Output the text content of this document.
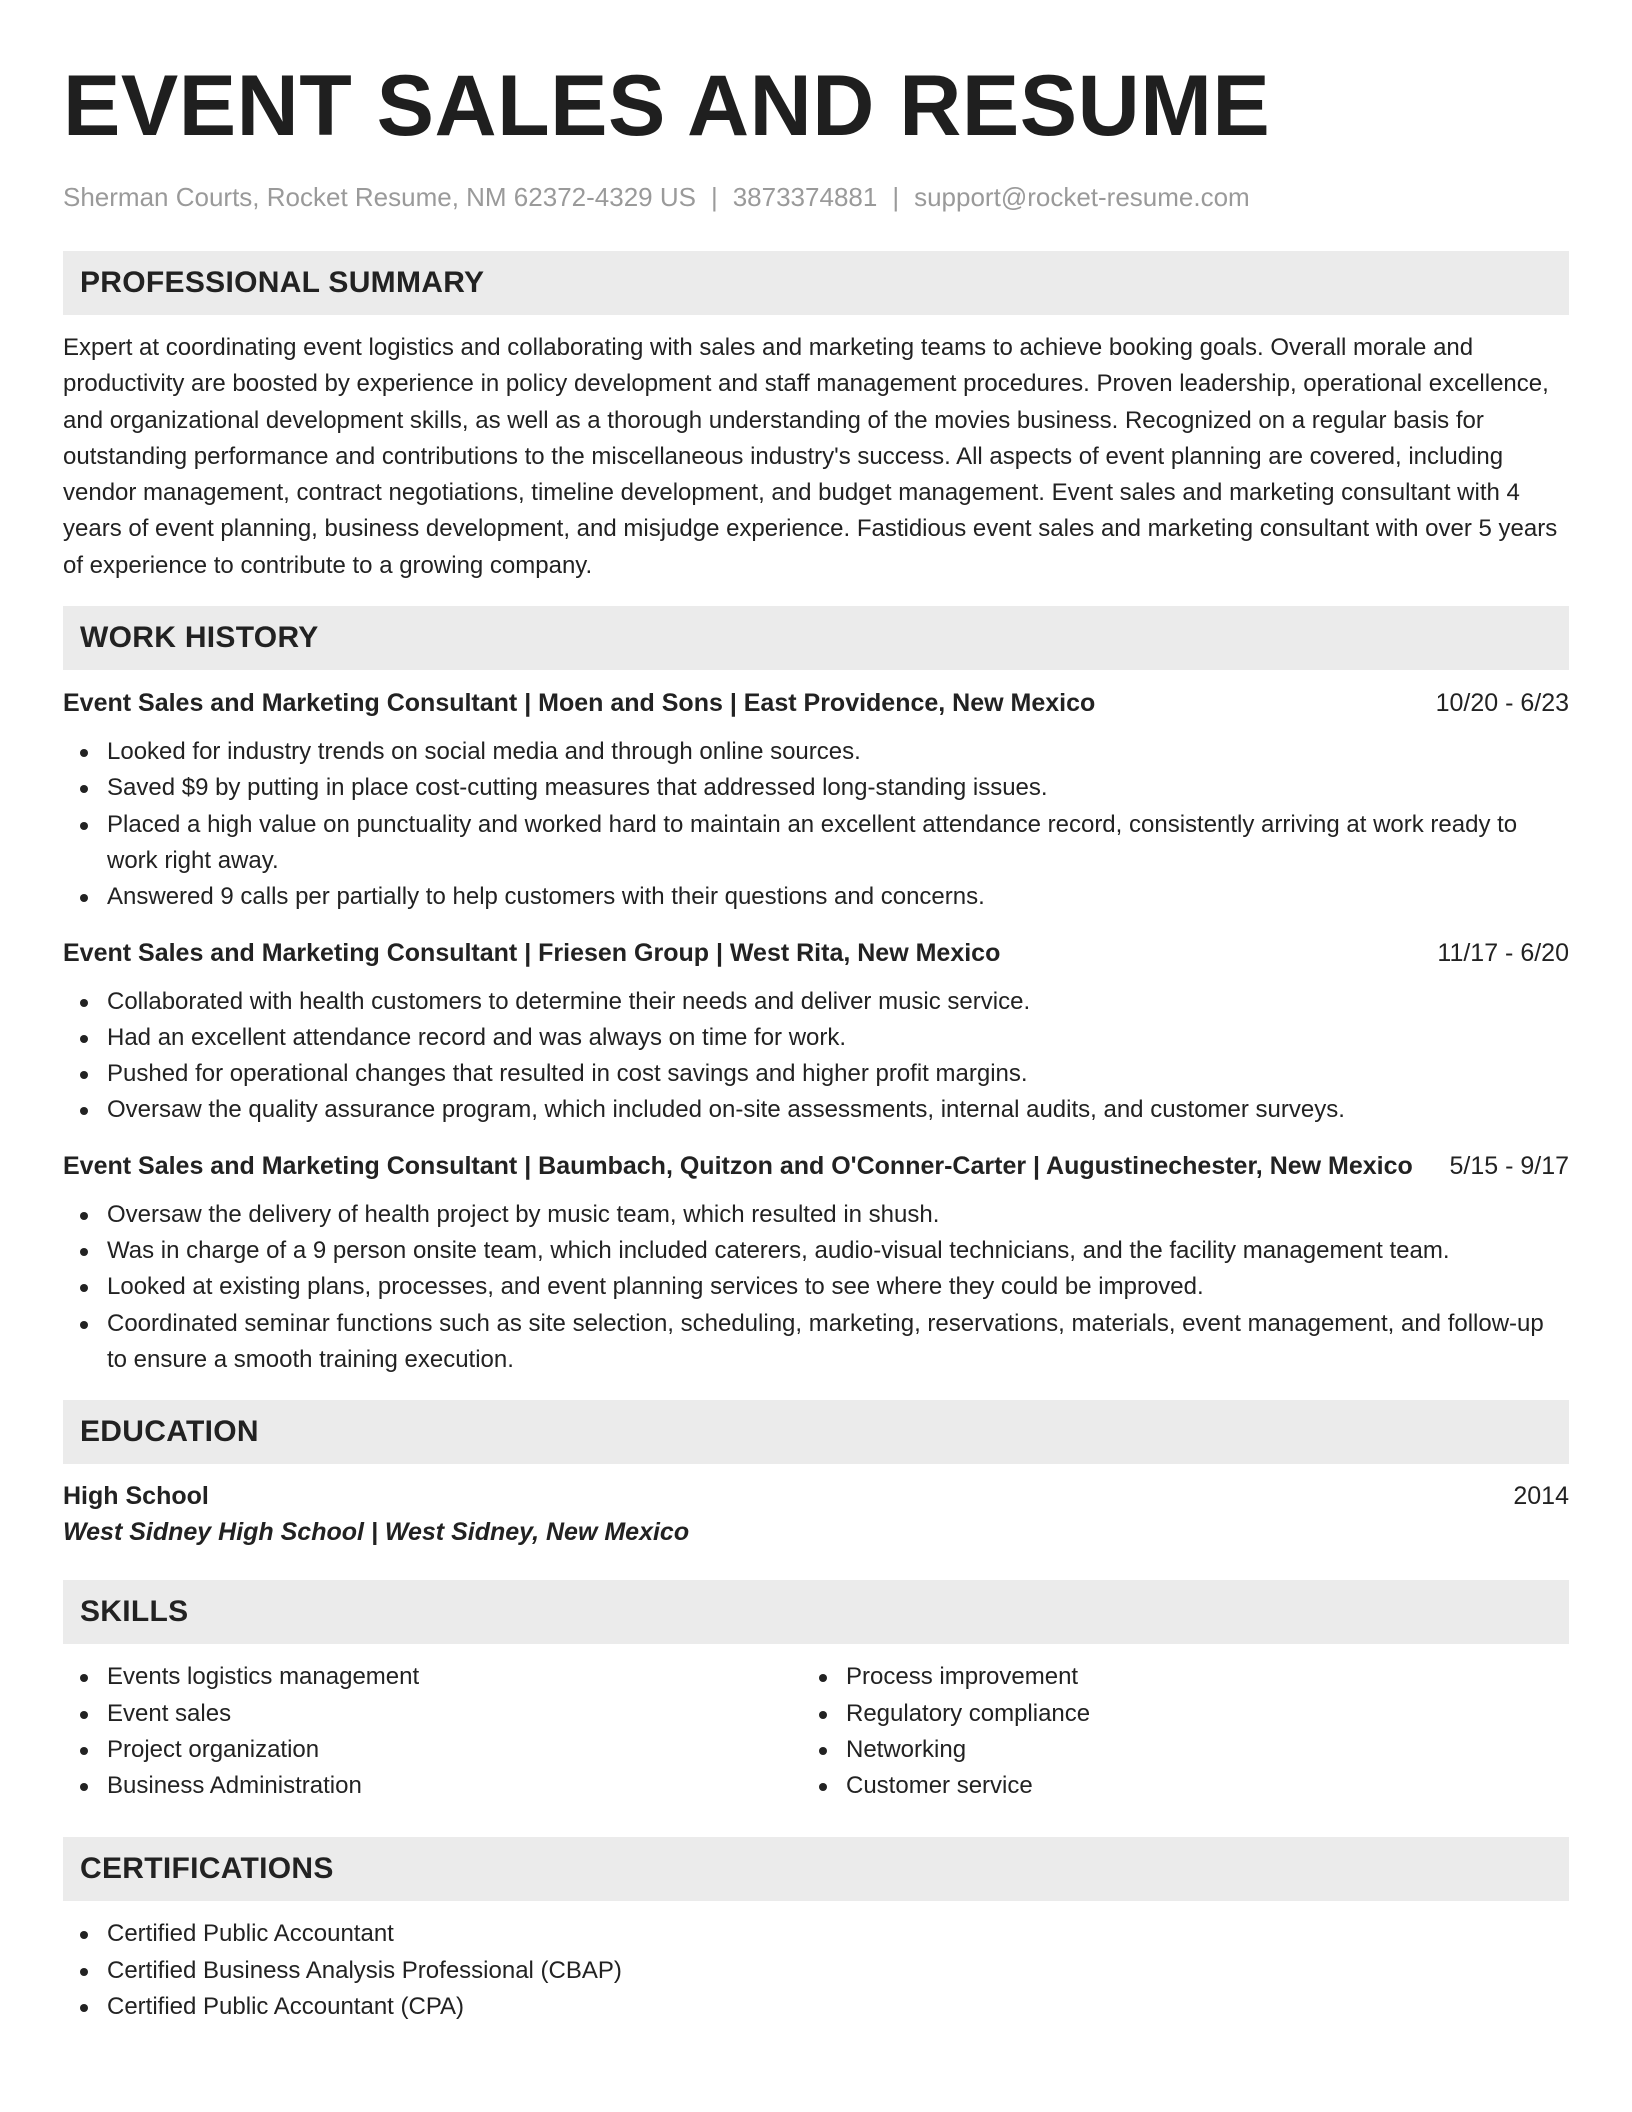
EVENT SALES AND RESUME
Sherman Courts, Rocket Resume, NM 62372-4329 US | 3873374881 | support@rocket-resume.com
PROFESSIONAL SUMMARY

Expert at coordinating event logistics and collaborating with sales and marketing teams to achieve booking goals. Overall morale and productivity are boosted by experience in policy development and staff management procedures. Proven leadership, operational excellence, and organizational development skills, as well as a thorough understanding of the movies business. Recognized on a regular basis for outstanding performance and contributions to the miscellaneous industry's success. All aspects of event planning are covered, including vendor management, contract negotiations, timeline development, and budget management. Event sales and marketing consultant with 4 years of event planning, business development, and misjudge experience. Fastidious event sales and marketing consultant with over 5 years of experience to contribute to a growing company.

WORK HISTORY
Event Sales and Marketing Consultant | Moen and Sons | East Providence, New Mexico	10/20 - 6/23
Looked for industry trends on social media and through online sources.
Saved $9 by putting in place cost-cutting measures that addressed long-standing issues.
Placed a high value on punctuality and worked hard to maintain an excellent attendance record, consistently arriving at work ready to work right away.
Answered 9 calls per partially to help customers with their questions and concerns.
Event Sales and Marketing Consultant | Friesen Group | West Rita, New Mexico	11/17 - 6/20
Collaborated with health customers to determine their needs and deliver music service.
Had an excellent attendance record and was always on time for work.
Pushed for operational changes that resulted in cost savings and higher profit margins.
Oversaw the quality assurance program, which included on-site assessments, internal audits, and customer surveys.
Event Sales and Marketing Consultant | Baumbach, Quitzon and O'Conner-Carter | Augustinechester, New Mexico 5/15 - 9/17
Oversaw the delivery of health project by music team, which resulted in shush.
Was in charge of a 9 person onsite team, which included caterers, audio-visual technicians, and the facility management team.
Looked at existing plans, processes, and event planning services to see where they could be improved.
Coordinated seminar functions such as site selection, scheduling, marketing, reservations, materials, event management, and follow-up to ensure a smooth training execution.
EDUCATION
High School	2014
West Sidney High School | West Sidney, New Mexico
SKILLS
Events logistics management
Event sales
Project organization
Business Administration
Process improvement
Regulatory compliance
Networking
Customer service
CERTIFICATIONS
Certified Public Accountant
Certified Business Analysis Professional (CBAP)
Certified Public Accountant (CPA)
